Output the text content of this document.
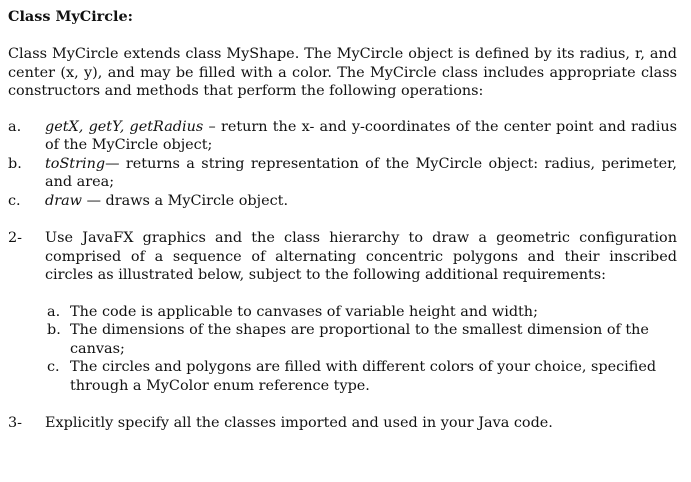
Class MyCircle:
Class MyCircle extends class MyShape. The MyCircle object is defined by its radius, r, and center (x, y), and may be filled with a color. The MyCircle class includes appropriate class constructors and methods that perform the following operations:
a.	getX, getY, getRadius – return the x- and y-coordinates of the center point and radius of the MyCircle object;
b.	toString— returns a string representation of the MyCircle object: radius, perimeter, and area;
c.	draw — draws a MyCircle object.
2-	Use JavaFX graphics and the class hierarchy to draw a geometric configuration comprised of a sequence of alternating concentric polygons and their inscribed circles as illustrated below, subject to the following additional requirements:
a. The code is applicable to canvases of variable height and width;
b. The dimensions of the shapes are proportional to the smallest dimension of the canvas;
c. The circles and polygons are filled with different colors of your choice, specified through a MyColor enum reference type.
3-	Explicitly specify all the classes imported and used in your Java code.
